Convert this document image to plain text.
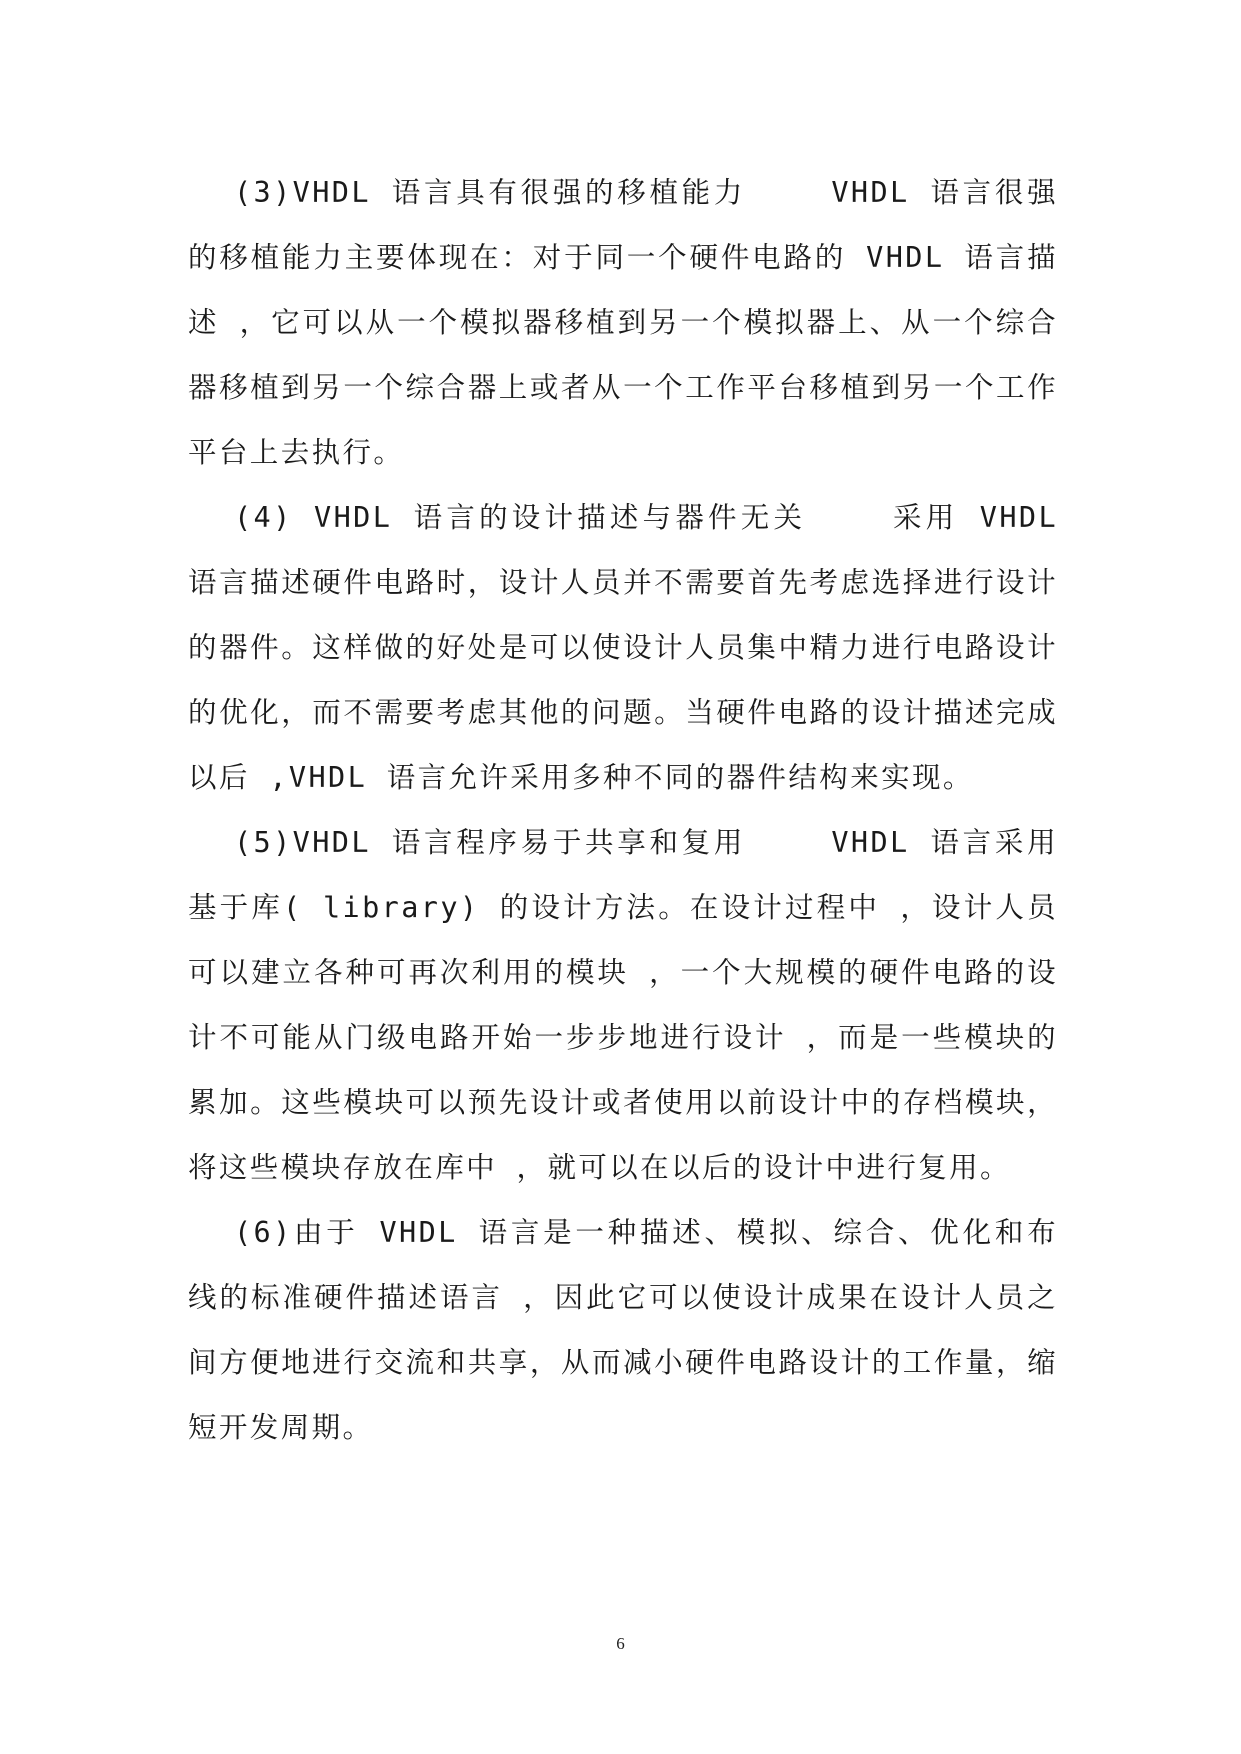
(3)VHDL 语言具有很强的移植能力 　　VHDL 语言很强的移植能力主要体现在：对于同一个硬件电路的 VHDL 语言描述 ，它可以从一个模拟器移植到另一个模拟器上、从一个综合器移植到另一个综合器上或者从一个工作平台移植到另一个工作平台上去执行。

(4) VHDL 语言的设计描述与器件无关 　　采用 VHDL 语言描述硬件电路时，设计人员并不需要首先考虑选择进行设计的器件。这样做的好处是可以使设计人员集中精力进行电路设计的优化，而不需要考虑其他的问题。当硬件电路的设计描述完成以后 ,VHDL 语言允许采用多种不同的器件结构来实现。

(5)VHDL 语言程序易于共享和复用 　　VHDL 语言采用基于库( library) 的设计方法。在设计过程中 ，设计人员可以建立各种可再次利用的模块 ，一个大规模的硬件电路的设计不可能从门级电路开始一步步地进行设计 ，而是一些模块的累加。这些模块可以预先设计或者使用以前设计中的存档模块，将这些模块存放在库中 ，就可以在以后的设计中进行复用。

(6)由于 VHDL 语言是一种描述、模拟、综合、优化和布线的标准硬件描述语言 ，因此它可以使设计成果在设计人员之间方便地进行交流和共享，从而减小硬件电路设计的工作量，缩短开发周期。

6
